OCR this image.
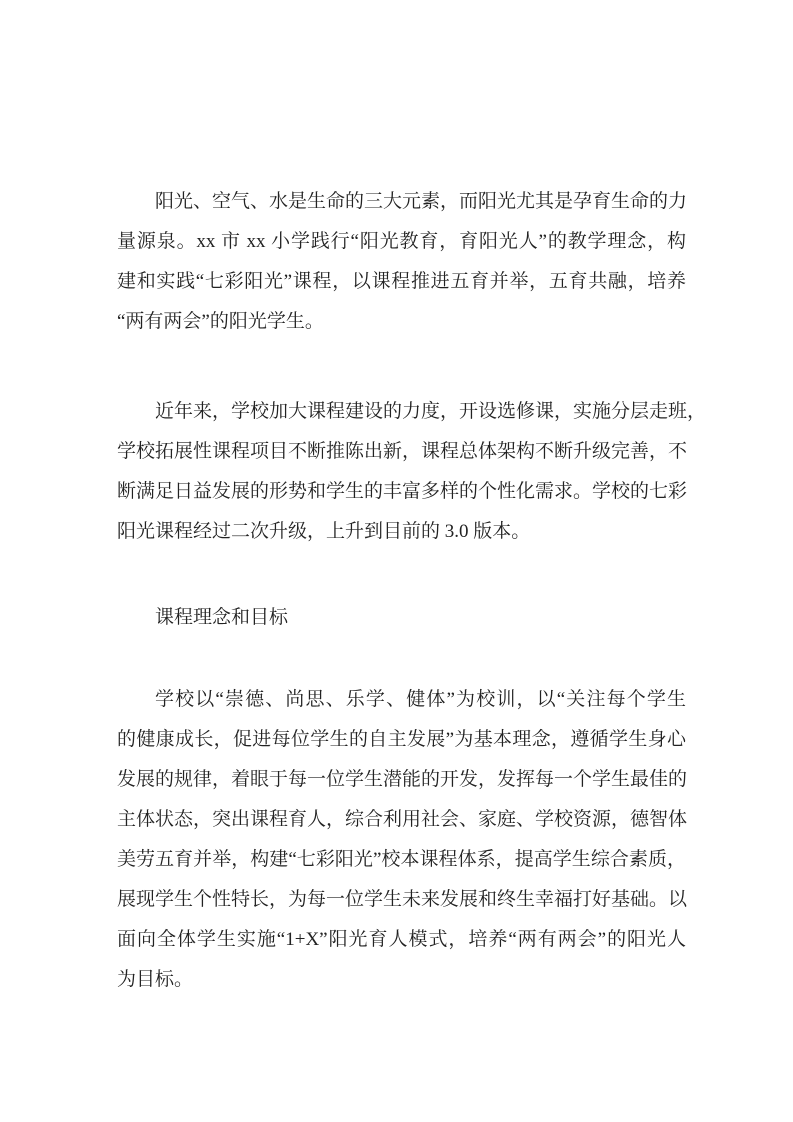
阳光、空气、水是生命的三大元素，而阳光尤其是孕育生命的力
量源泉。xx 市 xx 小学践行“阳光教育，育阳光人”的教学理念，构
建和实践“七彩阳光”课程，以课程推进五育并举，五育共融，培养
“两有两会”的阳光学生。
近年来，学校加大课程建设的力度，开设选修课，实施分层走班，
学校拓展性课程项目不断推陈出新，课程总体架构不断升级完善，不
断满足日益发展的形势和学生的丰富多样的个性化需求。学校的七彩
阳光课程经过二次升级，上升到目前的 3.0 版本。
课程理念和目标
学校以“崇德、尚思、乐学、健体”为校训，以“关注每个学生
的健康成长，促进每位学生的自主发展”为基本理念，遵循学生身心
发展的规律，着眼于每一位学生潜能的开发，发挥每一个学生最佳的
主体状态，突出课程育人，综合利用社会、家庭、学校资源，德智体
美劳五育并举，构建“七彩阳光”校本课程体系，提高学生综合素质，
展现学生个性特长，为每一位学生未来发展和终生幸福打好基础。以
面向全体学生实施“1+X”阳光育人模式，培养“两有两会”的阳光人
为目标。
